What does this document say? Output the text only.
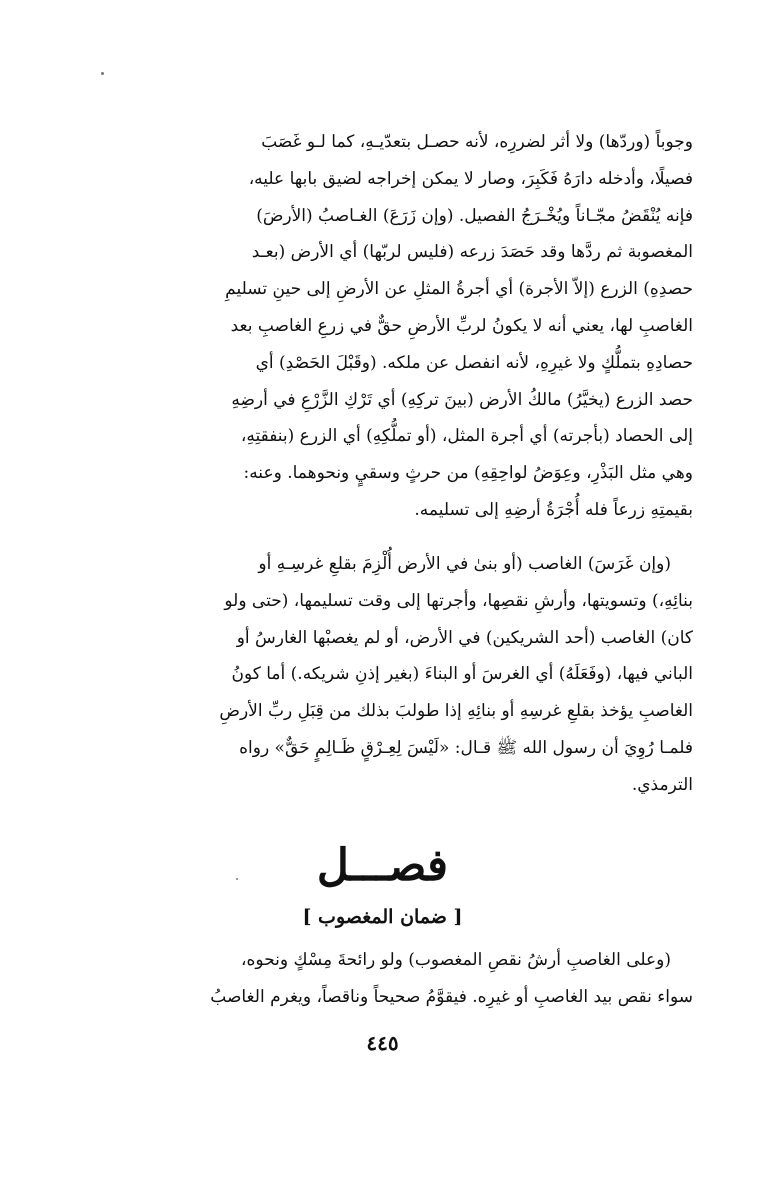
وجوباً (وردّها) ولا أثر لضررِه، لأنه حصـل بتعدّيـهِ، كما لـو غَصَبَ
فصيلًا، وأدخله دارَهُ فَكَبِرَ، وصار لا يمكن إخراجه لضيق بابها عليه،
فإنه يُنْقَضُ مجّـاناً ويُخْـرَجُ الفصيل. (وإن زَرَعَ) الغـاصبُ (الأرضَ)
المغصوبة ثم ردَّها وقد حَصَدَ زرعه (فليس لربّها) أي الأرض (بعـد
حصدِهِ) الزرع (إلاّ الأجرة) أي أجرةُ المثلِ عن الأرضِ إلى حينِ تسليمِ
الغاصبِ لها، يعني أنه لا يكونُ لربِّ الأرضِ حقٌّ في زرعِ الغاصبِ بعد
حصادِهِ بتملُّكٍ ولا غيرِهِ، لأنه انفصل عن ملكه. (وقَبْلَ الحَصْدِ) أي
حصد الزرع (يخيَّرُ) مالكُ الأرض (بينَ تركِهِ) أي تَرْكِ الزَّرْعِ في أرضِهِ
إلى الحصاد (بأجرته) أي أجرة المثل، (أو تملُّكِهِ) أي الزرع (بنفقتِهِ،
وهي مثل البَذْرِ، وعِوَضُ لواحِقِهِ) من حرثٍ وسقيٍ ونحوهما. وعنه:
بقيمتِهِ زرعاً فله أُجْرَةُ أرضِهِ إلى تسليمه.
(وإن غَرَسَ) الغاصب (أو بنىٰ في الأرض أُلْزِمَ بقلعِ غرسِـهِ أو
بنائِهِ،) وتسويتها، وأرشِ نقصِها، وأجرتها إلى وقت تسليمها، (حتى ولو
كان) الغاصب (أحد الشريكين) في الأرض، أو لم يغصبْها الغارسُ أو
الباني فيها، (وفَعَلَهُ) أي الغرسَ أو البناءَ (بغير إذنِ شريكه.) أما كونُ
الغاصبِ يؤخذ بقلعِ غرسِهِ أو بنائِهِ إذا طولبَ بذلك من قِبَلِ ربِّ الأرضِ
فلمـا رُوِيَ أن رسول الله ﷺ قـال: «لَيْسَ لِعِـرْقٍ ظَـالِمٍ حَقٌّ» رواه
الترمذي.
فصـــل
[ ضمان المغصوب ]
(وعلى الغاصبِ أرشُ نقصِ المغصوب) ولو رائحةَ مِسْكٍ ونحوه،
سواء نقص بيد الغاصبِ أو غيرِه. فيقوَّمُ صحيحاً وناقصاً، ويغرم الغاصبُ
٤٤٥
